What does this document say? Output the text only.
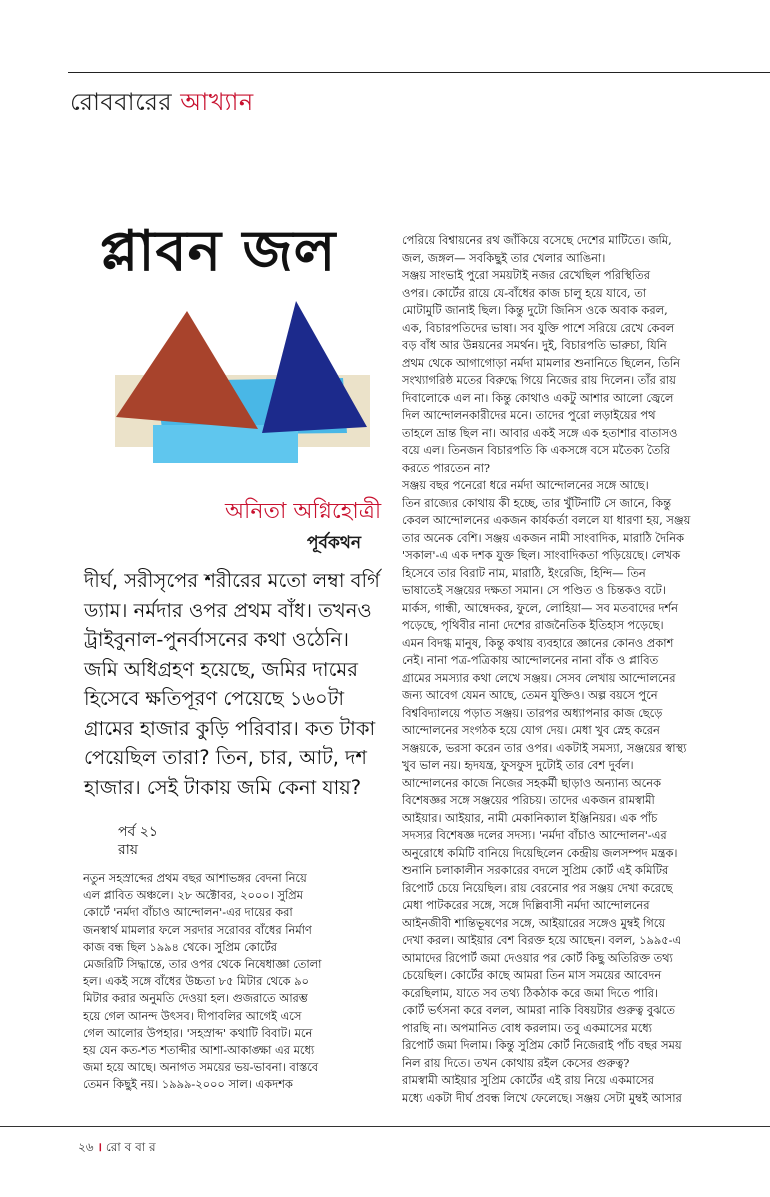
রোববারের আখ্যান
প্লাবন জল
অনিতা অগ্নিহোত্রী
পূর্বকথন
দীর্ঘ, সরীসৃপের শরীরের মতো লম্বা বর্গি
ড্যাম। নর্মদার ওপর প্রথম বাঁধ। তখনও
ট্রাইবুনাল-পুনর্বাসনের কথা ওঠেনি।
জমি অধিগ্রহণ হয়েছে, জমির দামের
হিসেবে ক্ষতিপূরণ পেয়েছে ১৬০টা
গ্রামের হাজার কুড়ি পরিবার। কত টাকা
পেয়েছিল তারা? তিন, চার, আট, দশ
হাজার। সেই টাকায় জমি কেনা যায়?
পর্ব ২১
রায়
নতুন সহস্রাব্দের প্রথম বছর আশাভঙ্গর বেদনা নিয়ে
এল প্লাবিত অঞ্চলে। ২৮ অক্টোবর, ২০০০। সুপ্রিম
কোর্টে 'নর্মদা বাঁচাও আন্দোলন'-এর দায়ের করা
জনস্বার্থ মামলার ফলে সরদার সরোবর বাঁধের নির্মাণ
কাজ বন্ধ ছিল ১৯৯৪ থেকে। সুপ্রিম কোর্টের
মেজরিটি সিদ্ধান্তে, তার ওপর থেকে নিষেধাজ্ঞা তোলা
হল। একই সঙ্গে বাঁধের উচ্চতা ৮৫ মিটার থেকে ৯০
মিটার করার অনুমতি দেওয়া হল। গুজরাতে আরম্ভ
হয়ে গেল আনন্দ উৎসব। দীপাবলির আগেই এসে
গেল আলোর উপহার। 'সহস্রাব্দ' কথাটি বিবাট। মনে
হয় যেন কত-শত শতাব্দীর আশা-আকাঙ্ক্ষা এর মধ্যে
জমা হয়ে আছে। অনাগত সময়ের ভয়-ভাবনা। বাস্তবে
তেমন কিছুই নয়। ১৯৯৯-২০০০ সাল। একদশক
পেরিয়ে বিশ্বায়নের রথ জাঁকিয়ে বসেছে দেশের মাটিতে। জমি,
জল, জঙ্গল— সবকিছুই তার খেলার আঙিনা।
সঞ্জয় সাংভাই পুরো সময়টাই নজর রেখেছিল পরিস্থিতির
ওপর। কোর্টের রায়ে যে-বাঁধের কাজ চালু হয়ে যাবে, তা
মোটামুটি জানাই ছিল। কিন্তু দুটো জিনিস ওকে অবাক করল,
এক, বিচারপতিদের ভাষা। সব যুক্তি পাশে সরিয়ে রেখে কেবল
বড় বাঁধ আর উন্নয়নের সমর্থন। দুই, বিচারপতি ভারুচা, যিনি
প্রথম থেকে আগাগোড়া নর্মদা মামলার শুনানিতে ছিলেন, তিনি
সংখ্যাগরিষ্ঠ মতের বিরুদ্ধে গিয়ে নিজের রায় দিলেন। তাঁর রায়
দিবালোকে এল না। কিন্তু কোথাও একটু আশার আলো জ্বেলে
দিল আন্দোলনকারীদের মনে। তাদের পুরো লড়াইয়ের পথ
তাহলে ভ্রান্ত ছিল না। আবার একই সঙ্গে এক হতাশার বাতাসও
বয়ে এল। তিনজন বিচারপতি কি একসঙ্গে বসে মতৈক্য তৈরি
করতে পারতেন না?
সঞ্জয় বছর পনেরো ধরে নর্মদা আন্দোলনের সঙ্গে আছে।
তিন রাজ্যের কোথায় কী হচ্ছে, তার খুঁটিনাটি সে জানে, কিন্তু
কেবল আন্দোলনের একজন কার্যকর্তা বললে যা ধারণা হয়, সঞ্জয়
তার অনেক বেশি। সঞ্জয় একজন নামী সাংবাদিক, মারাঠি দৈনিক
'সকাল'-এ এক দশক যুক্ত ছিল। সাংবাদিকতা পড়িয়েছে। লেখক
হিসেবে তার বিরাট নাম, মারাঠি, ইংরেজি, হিন্দি— তিন
ভাষাতেই সঞ্জয়ের দক্ষতা সমান। সে পণ্ডিত ও চিন্তকও বটে।
মার্কস, গান্ধী, আম্বেদকর, ফুলে, লোহিয়া— সব মতবাদের দর্শন
পড়েছে, পৃথিবীর নানা দেশের রাজনৈতিক ইতিহাস পড়েছে।
এমন বিদগ্ধ মানুষ, কিন্তু কথায় ব্যবহারে জ্ঞানের কোনও প্রকাশ
নেই। নানা পত্র-পত্রিকায় আন্দোলনের নানা বাঁক ও প্লাবিত
গ্রামের সমস্যার কথা লেখে সঞ্জয়। সেসব লেখায় আন্দোলনের
জন্য আবেগ যেমন আছে, তেমন যুক্তিও। অল্প বয়সে পুনে
বিশ্ববিদ্যালয়ে পড়াত সঞ্জয়। তারপর অধ্যাপনার কাজ ছেড়ে
আন্দোলনের সংগঠক হয়ে যোগ দেয়। মেধা খুব স্নেহ করেন
সঞ্জয়কে, ভরসা করেন তার ওপর। একটাই সমস্যা, সঞ্জয়ের স্বাস্থ্য
খুব ভাল নয়। হৃদযন্ত্র, ফুসফুস দুটোই তার বেশ দুর্বল।
আন্দোলনের কাজে নিজের সহকর্মী ছাড়াও অন্যান্য অনেক
বিশেষজ্ঞর সঙ্গে সঞ্জয়ের পরিচয়। তাদের একজন রামস্বামী
আইয়ার। আইয়ার, নামী মেকানিক্যাল ইঞ্জিনিয়র। এক পাঁচ
সদস্যর বিশেষজ্ঞ দলের সদস্য। 'নর্মদা বাঁচাও আন্দোলন'-এর
অনুরোধে কমিটি বানিয়ে দিয়েছিলেন কেন্দ্রীয় জলসম্পদ মন্ত্রক।
শুনানি চলাকালীন সরকারের বদলে সুপ্রিম কোর্ট এই কমিটির
রিপোর্ট চেয়ে নিয়েছিল। রায় বেরনোর পর সঞ্জয় দেখা করেছে
মেধা পাটকরের সঙ্গে, সঙ্গে দিল্লিবাসী নর্মদা আন্দোলনের
আইনজীবী শান্তিভূষণের সঙ্গে, আইয়ারের সঙ্গেও মুম্বই গিয়ে
দেখা করল। আইয়ার বেশ বিরক্ত হয়ে আছেন। বলল, ১৯৯৫-এ
আমাদের রিপোর্ট জমা দেওয়ার পর কোর্ট কিছু অতিরিক্ত তথ্য
চেয়েছিল। কোর্টের কাছে আমরা তিন মাস সময়ের আবেদন
করেছিলাম, যাতে সব তথ্য ঠিকঠাক করে জমা দিতে পারি।
কোর্ট ভর্ৎসনা করে বলল, আমরা নাকি বিষয়টার গুরুত্ব বুঝতে
পারছি না। অপমানিত বোধ করলাম। তবু একমাসের মধ্যে
রিপোর্ট জমা দিলাম। কিন্তু সুপ্রিম কোর্ট নিজেরাই পাঁচ বছর সময়
নিল রায় দিতে। তখন কোথায় রইল কেসের গুরুত্ব?
রামস্বামী আইয়ার সুপ্রিম কোর্টের এই রায় নিয়ে একমাসের
মধ্যে একটা দীর্ঘ প্রবন্ধ লিখে ফেলেছে। সঞ্জয় সেটা মুম্বই আসার
২৬ । রো ব বা র
